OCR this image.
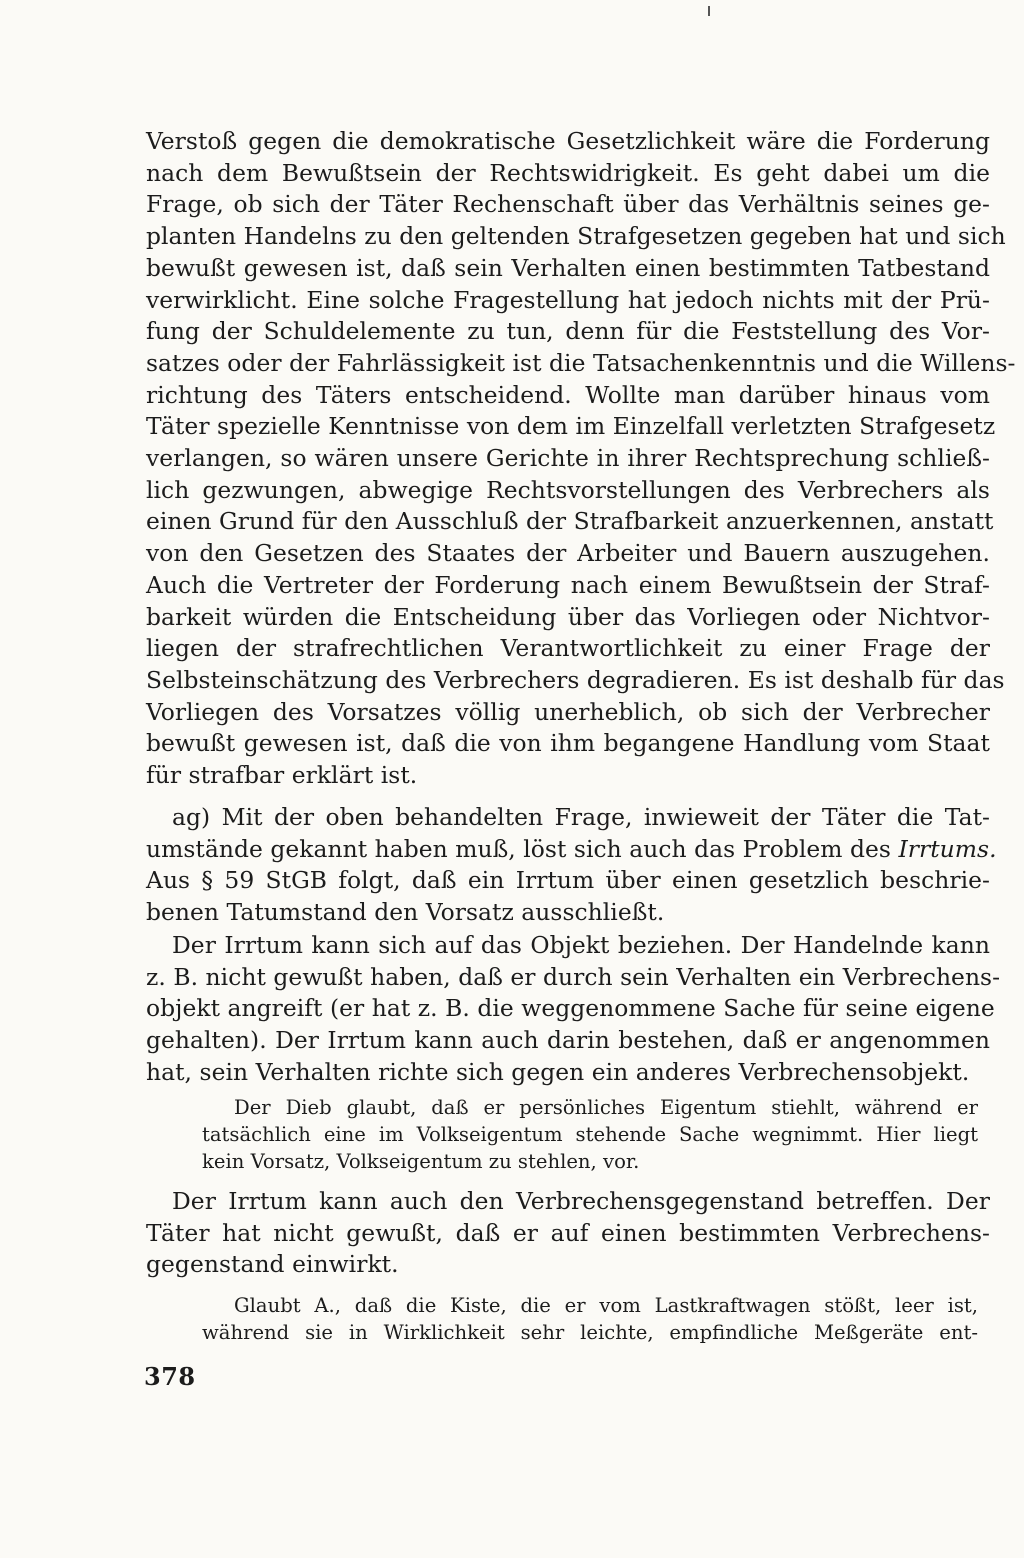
Verstoß gegen die demokratische Gesetzlichkeit wäre die Forderung
nach dem Bewußtsein der Rechtswidrigkeit. Es geht dabei um die
Frage, ob sich der Täter Rechenschaft über das Verhältnis seines ge-
planten Handelns zu den geltenden Strafgesetzen gegeben hat und sich
bewußt gewesen ist, daß sein Verhalten einen bestimmten Tatbestand
verwirklicht. Eine solche Fragestellung hat jedoch nichts mit der Prü-
fung der Schuldelemente zu tun, denn für die Feststellung des Vor-
satzes oder der Fahrlässigkeit ist die Tatsachenkenntnis und die Willens-
richtung des Täters entscheidend. Wollte man darüber hinaus vom
Täter spezielle Kenntnisse von dem im Einzelfall verletzten Strafgesetz
verlangen, so wären unsere Gerichte in ihrer Rechtsprechung schließ-
lich gezwungen, abwegige Rechtsvorstellungen des Verbrechers als
einen Grund für den Ausschluß der Strafbarkeit anzuerkennen, anstatt
von den Gesetzen des Staates der Arbeiter und Bauern auszugehen.
Auch die Vertreter der Forderung nach einem Bewußtsein der Straf-
barkeit würden die Entscheidung über das Vorliegen oder Nichtvor-
liegen der strafrechtlichen Verantwortlichkeit zu einer Frage der
Selbsteinschätzung des Verbrechers degradieren. Es ist deshalb für das
Vorliegen des Vorsatzes völlig unerheblich, ob sich der Verbrecher
bewußt gewesen ist, daß die von ihm begangene Handlung vom Staat
für strafbar erklärt ist.
ag) Mit der oben behandelten Frage, inwieweit der Täter die Tat-
umstände gekannt haben muß, löst sich auch das Problem des Irrtums.
Aus § 59 StGB folgt, daß ein Irrtum über einen gesetzlich beschrie-
benen Tatumstand den Vorsatz ausschließt.
Der Irrtum kann sich auf das Objekt beziehen. Der Handelnde kann
z. B. nicht gewußt haben, daß er durch sein Verhalten ein Verbrechens-
objekt angreift (er hat z. B. die weggenommene Sache für seine eigene
gehalten). Der Irrtum kann auch darin bestehen, daß er angenommen
hat, sein Verhalten richte sich gegen ein anderes Verbrechensobjekt.
Der Dieb glaubt, daß er persönliches Eigentum stiehlt, während er
tatsächlich eine im Volkseigentum stehende Sache wegnimmt. Hier liegt
kein Vorsatz, Volkseigentum zu stehlen, vor.
Der Irrtum kann auch den Verbrechensgegenstand betreffen. Der
Täter hat nicht gewußt, daß er auf einen bestimmten Verbrechens-
gegenstand einwirkt.
Glaubt A., daß die Kiste, die er vom Lastkraftwagen stößt, leer ist,
während sie in Wirklichkeit sehr leichte, empfindliche Meßgeräte ent-
378
